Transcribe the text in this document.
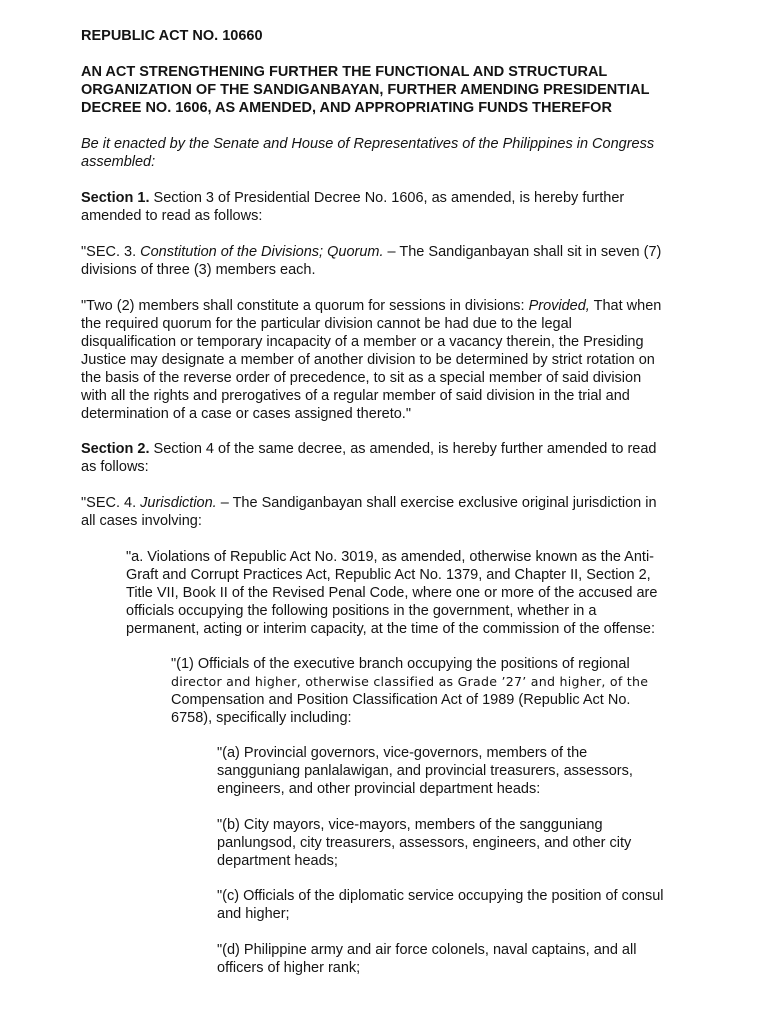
REPUBLIC ACT NO. 10660

AN ACT STRENGTHENING FURTHER THE FUNCTIONAL AND STRUCTURAL
ORGANIZATION OF THE SANDIGANBAYAN, FURTHER AMENDING PRESIDENTIAL
DECREE NO. 1606, AS AMENDED, AND APPROPRIATING FUNDS THEREFOR

Be it enacted by the Senate and House of Representatives of the Philippines in Congress
assembled:

Section 1. Section 3 of Presidential Decree No. 1606, as amended, is hereby further
amended to read as follows:

"SEC. 3. Constitution of the Divisions; Quorum. – The Sandiganbayan shall sit in seven (7)
divisions of three (3) members each.

"Two (2) members shall constitute a quorum for sessions in divisions: Provided, That when
the required quorum for the particular division cannot be had due to the legal
disqualification or temporary incapacity of a member or a vacancy therein, the Presiding
Justice may designate a member of another division to be determined by strict rotation on
the basis of the reverse order of precedence, to sit as a special member of said division
with all the rights and prerogatives of a regular member of said division in the trial and
determination of a case or cases assigned thereto."

Section 2. Section 4 of the same decree, as amended, is hereby further amended to read
as follows:

"SEC. 4. Jurisdiction. – The Sandiganbayan shall exercise exclusive original jurisdiction in
all cases involving:

"a. Violations of Republic Act No. 3019, as amended, otherwise known as the Anti-
Graft and Corrupt Practices Act, Republic Act No. 1379, and Chapter II, Section 2,
Title VII, Book II of the Revised Penal Code, where one or more of the accused are
officials occupying the following positions in the government, whether in a
permanent, acting or interim capacity, at the time of the commission of the offense:

"(1) Officials of the executive branch occupying the positions of regional
director and higher, otherwise classified as Grade ’27’ and higher, of the
Compensation and Position Classification Act of 1989 (Republic Act No.
6758), specifically including:

"(a) Provincial governors, vice-governors, members of the
sangguniang panlalawigan, and provincial treasurers, assessors,
engineers, and other provincial department heads:

"(b) City mayors, vice-mayors, members of the sangguniang
panlungsod, city treasurers, assessors, engineers, and other city
department heads;

"(c) Officials of the diplomatic service occupying the position of consul
and higher;

"(d) Philippine army and air force colonels, naval captains, and all
officers of higher rank;
